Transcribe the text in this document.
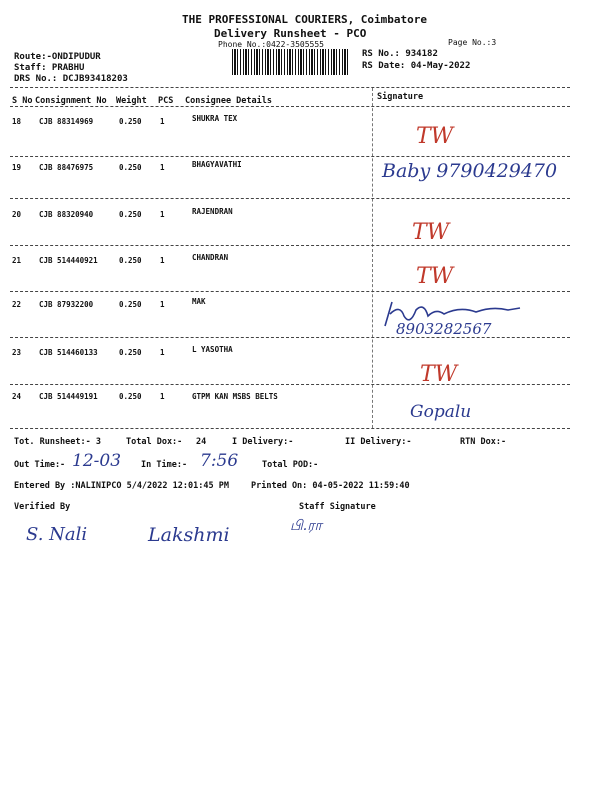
THE PROFESSIONAL COURIERS, Coimbatore
Delivery Runsheet - PCO
Phone No.:0422-3505555	Page No.:3
Route:-ONDIPUDUR
Staff: PRABHU
DRS No.: DCJB93418203
RS No.: 934182
RS Date: 04-May-2022
S No Consignment No Weight PCS Consignee Details	Signature
18 CJB 88314969	0.250 1	SHUKRA TEX
TW
19 CJB 88476975	0.250 1	BHAGYAVATHI	Baby 9790429470
20 CJB 88320940	0.250 1	RAJENDRAN
TW
21 CJB 514440921	0.250 1	CHANDRAN
TW
22 CJB 87932200	0.250 1	MAK
8903282567
23 CJB 514460133	0.250 1	L YASOTHA
TW
24 CJB 514449191	0.250 1	GTPM KAN MSBS BELTS
Gopalu
Tot. Runsheet:- 3	Total Dox:- 24	I Delivery:-	II Delivery:-	RTN Dox:-
Out Time:- 12-03 In Time:- 7:56	Total POD:-
Entered By :NALINIPCO 5/4/2022 12:01:45 PM	Printed On: 04-05-2022 11:59:40
Verified By	Staff Signature
S. Nali	Lakshmi	பி.ரா
